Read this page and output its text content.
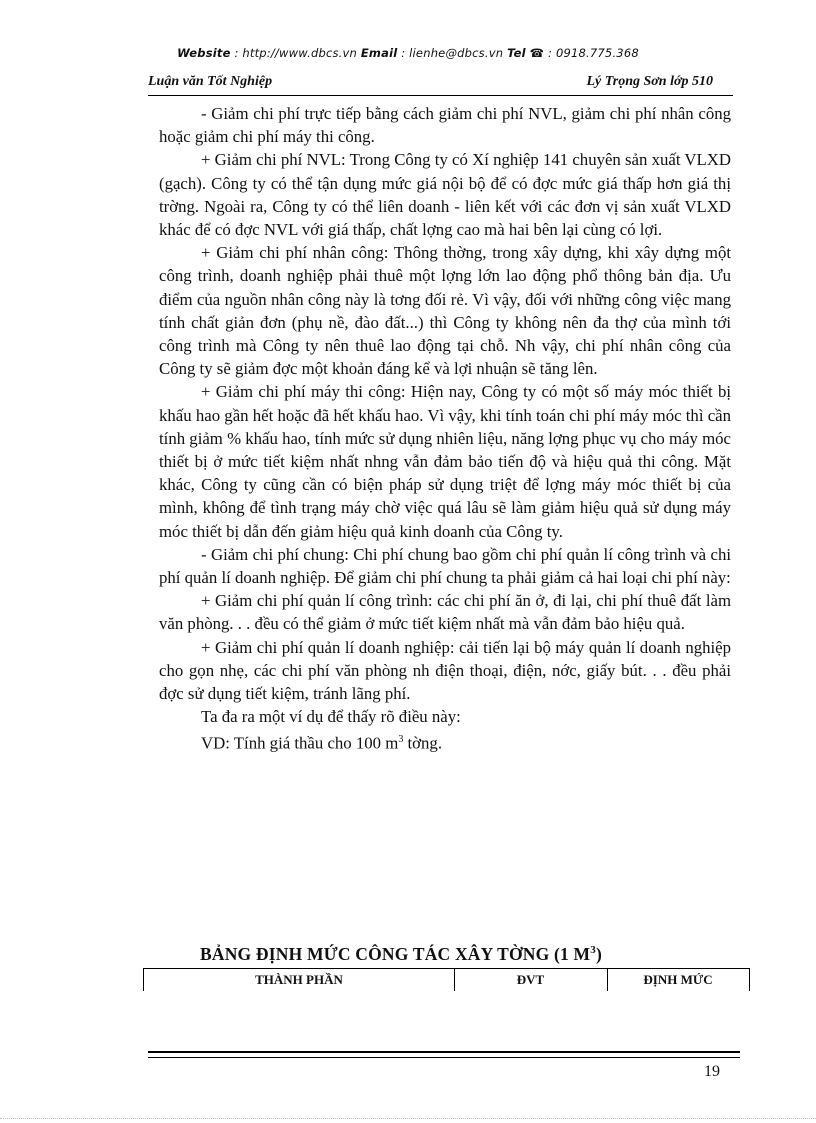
Website : http://www.dbcs.vn Email : lienhe@dbcs.vn Tel ☎ : 0918.775.368
Luận văn Tốt Nghiệp	Lý Trọng Sơn lớp 510

- Giảm chi phí trực tiếp bằng cách giảm chi phí NVL, giảm chi phí nhân công hoặc giảm chi phí máy thi công.

+ Giảm chi phí NVL: Trong Công ty có Xí nghiệp 141 chuyên sản xuất VLXD (gạch). Công ty có thể tận dụng mức giá nội bộ để có đợc mức giá thấp hơn giá thị trờng. Ngoài ra, Công ty có thể liên doanh - liên kết với các đơn vị sản xuất VLXD khác để có đợc NVL với giá thấp, chất lợng cao mà hai bên lại cùng có lợi.

+ Giảm chi phí nhân công: Thông thờng, trong xây dựng, khi xây dựng một công trình, doanh nghiệp phải thuê một lợng lớn lao động phổ thông bản địa. Ưu điểm của nguồn nhân công này là tơng đối rẻ. Vì vậy, đối với những công việc mang tính chất giản đơn (phụ nề, đào đất...) thì Công ty không nên đa thợ của mình tới công trình mà Công ty nên thuê lao động tại chỗ. Nh vậy, chi phí nhân công của Công ty sẽ giảm đợc một khoản đáng kể và lợi nhuận sẽ tăng lên.

+ Giảm chi phí máy thi công: Hiện nay, Công ty có một số máy móc thiết bị khấu hao gần hết hoặc đã hết khấu hao. Vì vậy, khi tính toán chi phí máy móc thì cần tính giảm % khấu hao, tính mức sử dụng nhiên liệu, năng lợng phục vụ cho máy móc thiết bị ở mức tiết kiệm nhất nhng vẫn đảm bảo tiến độ và hiệu quả thi công. Mặt khác, Công ty cũng cần có biện pháp sử dụng triệt để lợng máy móc thiết bị của mình, không để tình trạng máy chờ việc quá lâu sẽ làm giảm hiệu quả sử dụng máy móc thiết bị dẫn đến giảm hiệu quả kinh doanh của Công ty.

- Giảm chi phí chung: Chi phí chung bao gồm chi phí quản lí công trình và chi phí quản lí doanh nghiệp. Để giảm chi phí chung ta phải giảm cả hai loại chi phí này:

+ Giảm chi phí quản lí công trình: các chi phí ăn ở, đi lại, chi phí thuê đất làm văn phòng. . . đều có thể giảm ở mức tiết kiệm nhất mà vẫn đảm bảo hiệu quả.

+ Giảm chi phí quản lí doanh nghiệp: cải tiến lại bộ máy quản lí doanh nghiệp cho gọn nhẹ, các chi phí văn phòng nh điện thoại, điện, nớc, giấy bút. . . đều phải đợc sử dụng tiết kiệm, tránh lãng phí.

Ta đa ra một ví dụ để thấy rõ điều này:

VD: Tính giá thầu cho 100 $m^3$ tờng.

BẢNG ĐỊNH MỨC CÔNG TÁC XÂY TỜNG (1 $M^3$)
THÀNH PHẦN	ĐVT	ĐỊNH MỨC
19
